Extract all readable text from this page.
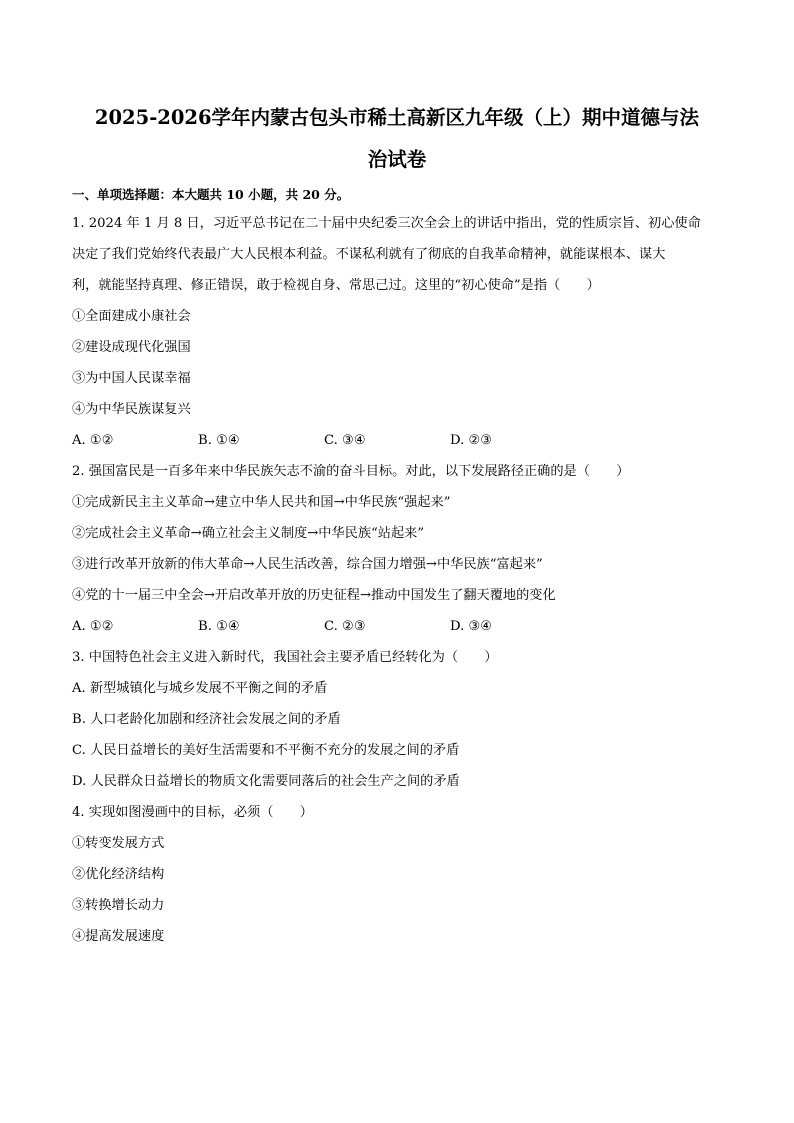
2025-2026学年内蒙古包头市稀土高新区九年级（上）期中道德与法
治试卷
一、单项选择题：本大题共 10 小题，共 20 分。
1. 2024 年 1 月 8 日，习近平总书记在二十届中央纪委三次全会上的讲话中指出，党的性质宗旨、初心使命
决定了我们党始终代表最广大人民根本利益。不谋私利就有了彻底的自我革命精神，就能谋根本、谋大
利，就能坚持真理、修正错误，敢于检视自身、常思己过。这里的“初心使命”是指（　　）
①全面建成小康社会
②建设成现代化强国
③为中国人民谋幸福
④为中华民族谋复兴
A. ①②	B. ①④	C. ③④	D. ②③
2. 强国富民是一百多年来中华民族矢志不渝的奋斗目标。对此，以下发展路径正确的是（　　）
①完成新民主主义革命→建立中华人民共和国→中华民族“强起来”
②完成社会主义革命→确立社会主义制度→中华民族“站起来”
③进行改革开放新的伟大革命→人民生活改善，综合国力增强→中华民族“富起来”
④党的十一届三中全会→开启改革开放的历史征程→推动中国发生了翻天覆地的变化
A. ①②	B. ①④	C. ②③	D. ③④
3. 中国特色社会主义进入新时代，我国社会主要矛盾已经转化为（　　）
A. 新型城镇化与城乡发展不平衡之间的矛盾
B. 人口老龄化加剧和经济社会发展之间的矛盾
C. 人民日益增长的美好生活需要和不平衡不充分的发展之间的矛盾
D. 人民群众日益增长的物质文化需要同落后的社会生产之间的矛盾
4. 实现如图漫画中的目标，必须（　　）
①转变发展方式
②优化经济结构
③转换增长动力
④提高发展速度
